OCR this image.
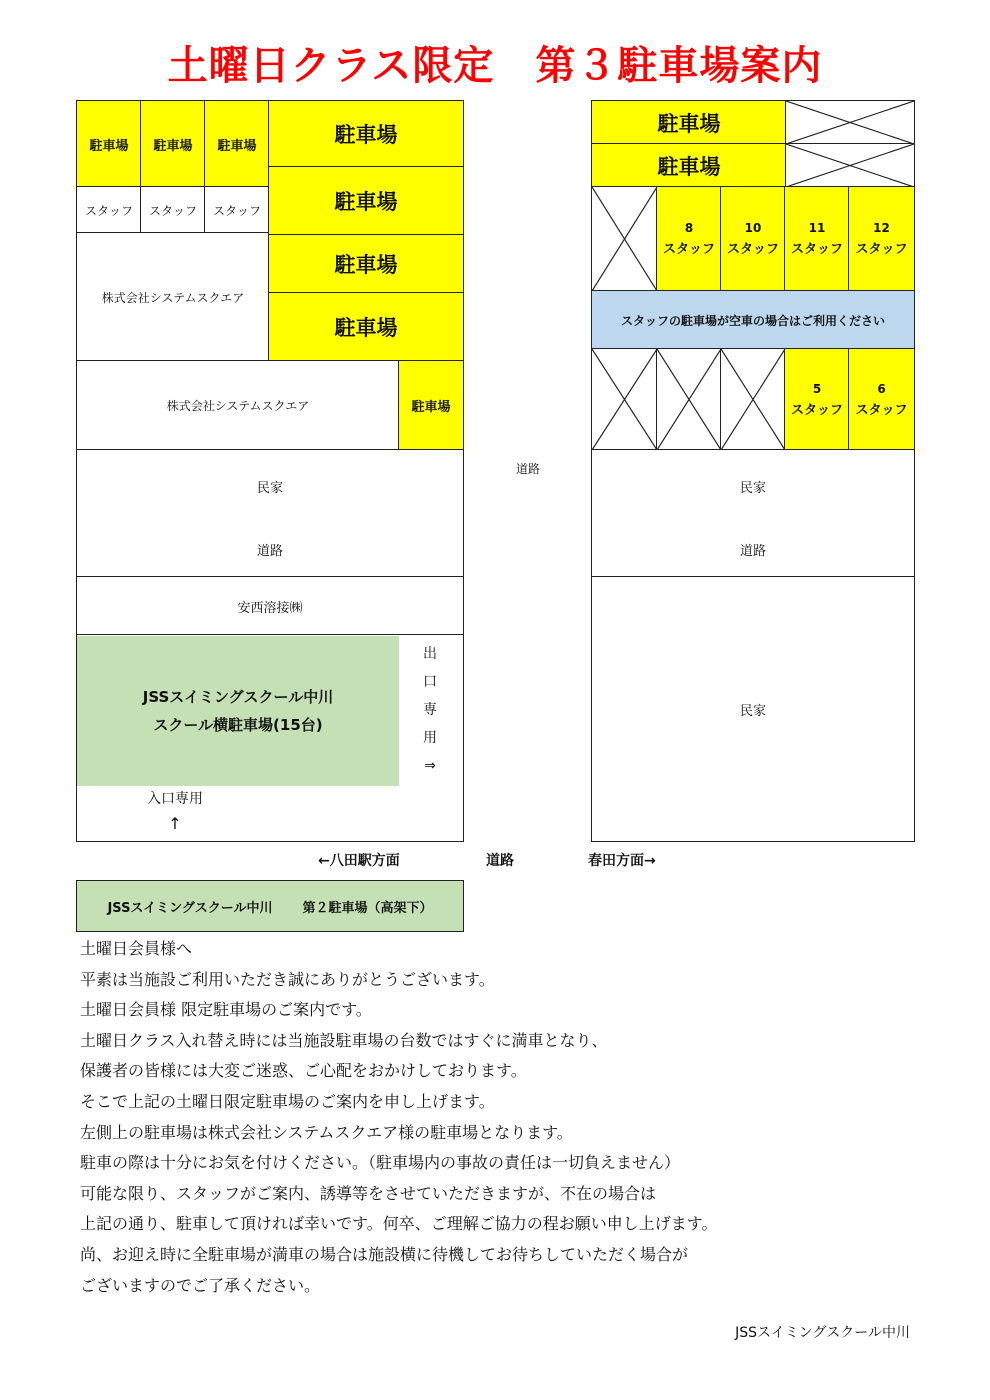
土曜日クラス限定　第３駐車場案内
駐車場	駐車場	駐車場
スタッフ	スタッフ	スタッフ
株式会社システムスクエア
駐車場
駐車場
駐車場
駐車場
株式会社システムスクエア	駐車場
民家
道路
安西溶接㈱
JSSスイミングスクール中川
スクール横駐車場(15台)
出
口
専
用
⇒
入口専用
↑
道路
駐車場
駐車場
8
スタッフ
10
スタッフ
11
スタッフ
12
スタッフ
スタッフの駐車場が空車の場合はご利用ください
5
スタッフ
6
スタッフ
民家
道路
民家
←八田駅方面	道路	春田方面→
JSSスイミングスクール中川 第２駐車場（高架下）
土曜日会員様へ
平素は当施設ご利用いただき誠にありがとうございます。
土曜日会員様 限定駐車場のご案内です。
土曜日クラス入れ替え時には当施設駐車場の台数ではすぐに満車となり、
保護者の皆様には大変ご迷惑、ご心配をおかけしております。
そこで上記の土曜日限定駐車場のご案内を申し上げます。
左側上の駐車場は株式会社システムスクエア様の駐車場となります。
駐車の際は十分にお気を付けください。（駐車場内の事故の責任は一切負えません）
可能な限り、スタッフがご案内、誘導等をさせていただきますが、不在の場合は
上記の通り、駐車して頂ければ幸いです。何卒、ご理解ご協力の程お願い申し上げます。
尚、お迎え時に全駐車場が満車の場合は施設横に待機してお待ちしていただく場合が
ございますのでご了承ください。
JSSスイミングスクール中川
